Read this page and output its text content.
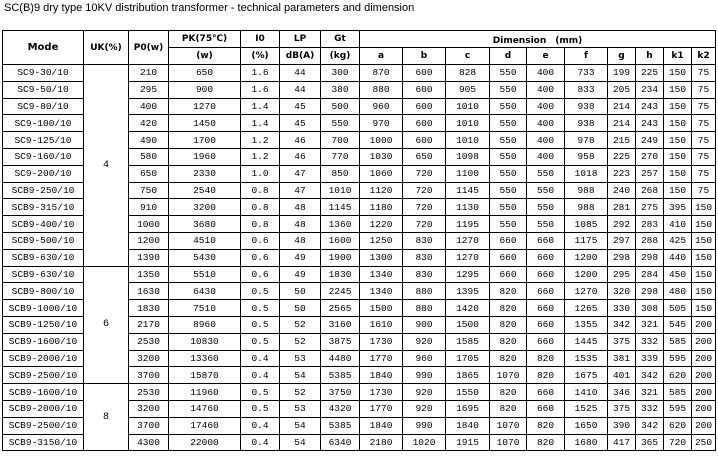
SC(B)9 dry type 10KV distribution transformer - technical parameters and dimension
Mode	UK(%)	P0(w)	PK(75℃)	I0	LP	Gt	Dimension　(mm)									
			(w)	(%)	dB(A)	(kg)	a	b	c	d	e	f	g	h	k1	k2
SC9-30/10	4	210	650	1.6	44	300	870	600	828	550	400	733	199	225	150	75
SC9-50/10		295	900	1.6	44	380	880	600	905	550	400	833	205	234	150	75
SC9-80/10		400	1270	1.4	45	500	960	600	1010	550	400	938	214	243	150	75
SC9-100/10		420	1450	1.4	45	550	970	600	1010	550	400	938	214	243	150	75
SC9-125/10		490	1700	1.2	46	700	1000	600	1010	550	400	978	215	249	150	75
SC9-160/10		580	1960	1.2	46	770	1030	650	1098	550	400	958	225	270	150	75
SC9-200/10		650	2330	1.0	47	850	1060	720	1100	550	550	1018	223	257	150	75
SCB9-250/10		750	2540	0.8	47	1010	1120	720	1145	550	550	988	240	268	150	75
SCB9-315/10		910	3200	0.8	48	1145	1180	720	1130	550	550	988	281	275	395	150
SCB9-400/10		1000	3680	0.8	48	1360	1220	720	1195	550	550	1085	292	283	410	150
SCB9-500/10		1200	4510	0.6	48	1600	1250	830	1270	660	660	1175	297	288	425	150
SCB9-630/10		1390	5430	0.6	49	1900	1300	830	1270	660	660	1200	298	298	440	150
SCB9-630/10	6	1350	5510	0.6	49	1830	1340	830	1295	660	660	1200	295	284	450	150
SCB9-800/10		1630	6430	0.5	50	2245	1340	880	1395	820	660	1270	320	298	480	150
SCB9-1000/10		1830	7510	0.5	50	2565	1500	880	1420	820	660	1265	330	308	505	150
SCB9-1250/10		2170	8960	0.5	52	3160	1610	900	1500	820	660	1355	342	321	545	200
SCB9-1600/10		2530	10830	0.5	52	3875	1730	920	1585	820	660	1445	375	332	585	200
SCB9-2000/10		3200	13360	0.4	53	4480	1770	960	1705	820	820	1535	381	339	595	200
SCB9-2500/10		3700	15870	0.4	54	5385	1840	990	1865	1070	820	1675	401	342	620	200
SCB9-1600/10	8	2530	11960	0.5	52	3750	1730	920	1550	820	660	1410	346	321	585	200
SCB9-2000/10		3200	14760	0.5	53	4320	1770	920	1695	820	660	1525	375	332	595	200
SCB9-2500/10		3700	17460	0.4	54	5385	1840	990	1840	1070	820	1650	390	342	620	200
SCB9-3150/10		4300	22000	0.4	54	6340	2180	1020	1915	1070	820	1680	417	365	720	250
